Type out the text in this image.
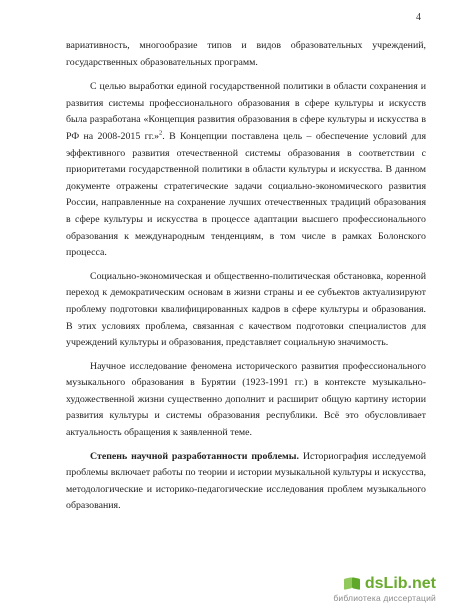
4

вариативность, многообразие типов и видов образовательных учреждений, государственных образовательных программ.

С целью выработки единой государственной политики в области сохранения и развития системы профессионального образования в сфере культуры и искусств была разработана «Концепция развития образования в сфере культуры и искусства в РФ на 2008-2015 гг.»$^2$. В Концепции поставлена цель – обеспечение условий для эффективного развития отечественной системы образования в соответствии с приоритетами государственной политики в области культуры и искусства. В данном документе отражены стратегические задачи социально-экономического развития России, направленные на сохранение лучших отечественных традиций образования в сфере культуры и искусства в процессе адаптации высшего профессионального образования к международным тенденциям, в том числе в рамках Болонского процесса.

Социально-экономическая и общественно-политическая обстановка, коренной переход к демократическим основам в жизни страны и ее субъектов актуализируют проблему подготовки квалифицированных кадров в сфере культуры и образования. В этих условиях проблема, связанная с качеством подготовки специалистов для учреждений культуры и образования, представляет социальную значимость.

Научное исследование феномена исторического развития профессионального музыкального образования в Бурятии (1923-1991 гг.) в контексте музыкально-художественной жизни существенно дополнит и расширит общую картину истории развития культуры и системы образования республики. Всё это обусловливает актуальность обращения к заявленной теме.

Степень научной разработанности проблемы. Историография исследуемой проблемы включает работы по теории и истории музыкальной культуры и искусства, методологические и историко-педагогические исследования проблем музыкального образования.

dsLib.net
библиотека диссертаций
